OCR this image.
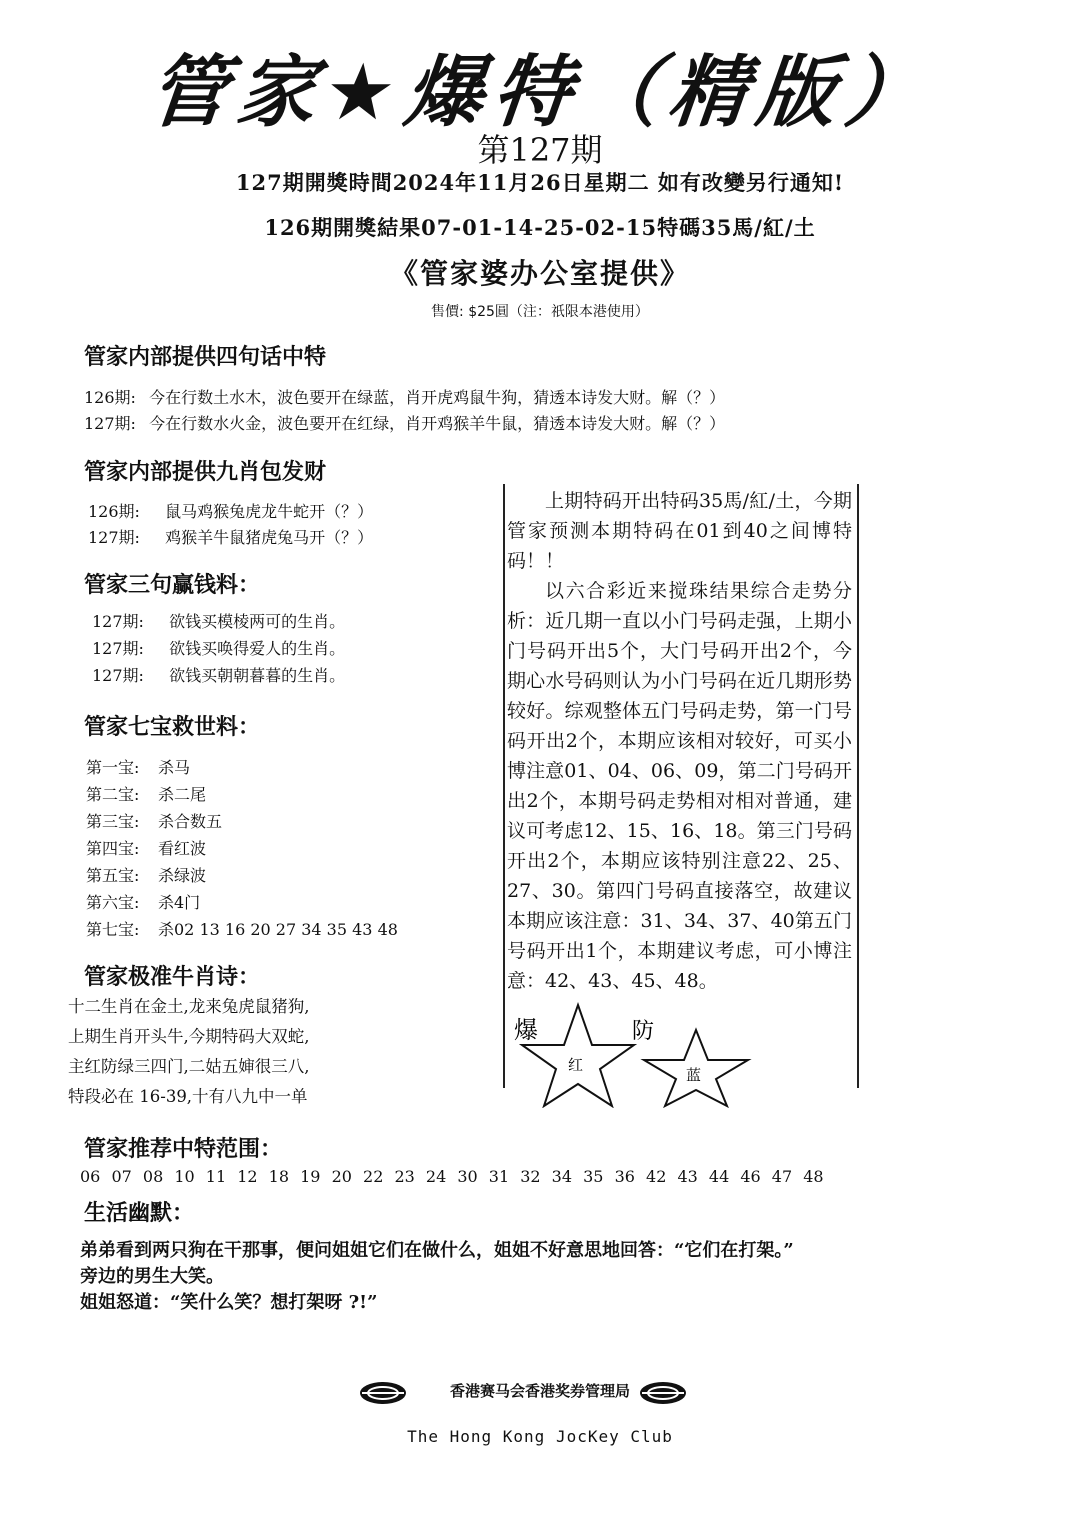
管家★爆特（精版）
第127期
127期開獎時間2024年11月26日星期二 如有改變另行通知!
126期開獎結果07-01-14-25-02-15特碼35馬/紅/土
《管家婆办公室提供》
售價: $25圓（注：祇限本港使用）
管家内部提供四句话中特
126期: 今在行数土水木，波色要开在绿蓝，肖开虎鸡鼠牛狗，猜透本诗发大财。解（？）
127期: 今在行数水火金，波色要开在红绿，肖开鸡猴羊牛鼠，猜透本诗发大财。解（？）
管家内部提供九肖包发财
126期: 鼠马鸡猴兔虎龙牛蛇开（？）
127期: 鸡猴羊牛鼠猪虎兔马开（？）
管家三句赢钱料：
127期: 欲钱买模棱两可的生肖。
127期: 欲钱买唤得爱人的生肖。
127期: 欲钱买朝朝暮暮的生肖。
管家七宝救世料：
第一宝: 杀马
第二宝: 杀二尾
第三宝: 杀合数五
第四宝: 看红波
第五宝: 杀绿波
第六宝: 杀4门
第七宝: 杀02 13 16 20 27 34 35 43 48
管家极准牛肖诗：
十二生肖在金土,龙来兔虎鼠猪狗,
上期生肖开头牛,今期特码大双蛇,
主红防绿三四门,二姑五婶很三八,
特段必在 16-39,十有八九中一单

上期特码开出特码35馬/紅/土，今期管家预测本期特码在01到40之间博特码！！

以六合彩近来搅珠结果综合走势分析：近几期一直以小门号码走强，上期小门号码开出5个，大门号码开出2个，今期心水号码则认为小门号码在近几期形势较好。综观整体五门号码走势，第一门号码开出2个，本期应该相对较好，可买小博注意01、04、06、09，第二门号码开出2个，本期号码走势相对相对普通，建议可考虑12、15、16、18。第三门号码开出2个，本期应该特别注意22、25、27、30。第四门号码直接落空，故建议本期应该注意：31、34、37、40第五门号码开出1个，本期建议考虑，可小博注意：42、43、45、48。

爆
红
防
蓝
管家推荐中特范围：
06 07 08 10 11 12 18 19 20 22 23 24 30 31 32 34 35 36 42 43 44 46 47 48
生活幽默：
弟弟看到两只狗在干那事，便问姐姐它们在做什么，姐姐不好意思地回答：“它们在打架。”
旁边的男生大笑。
姐姐怒道：“笑什么笑？想打架呀 ?!”
香港赛马会香港奖券管理局
The Hong Kong JocKey Club
